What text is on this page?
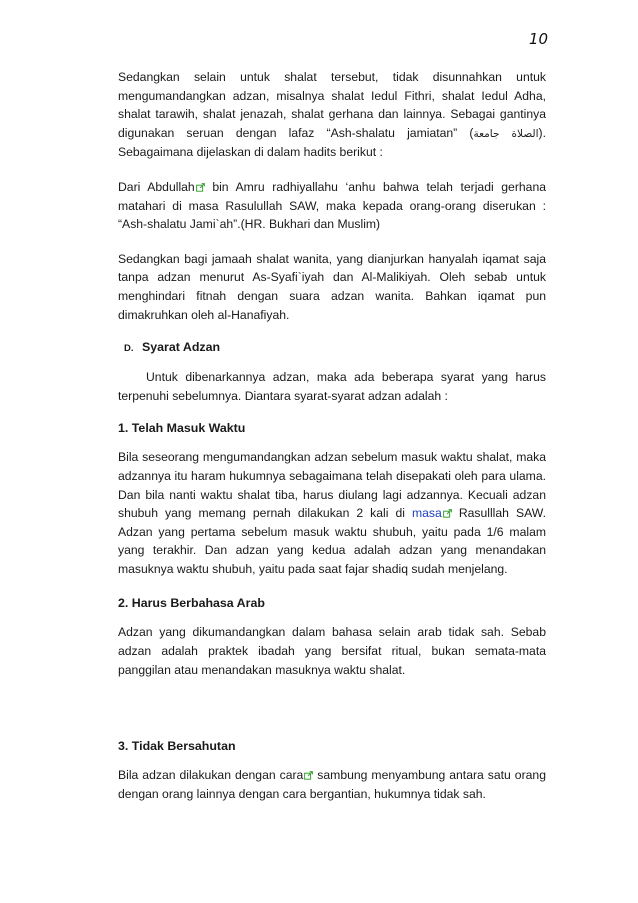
10

Sedangkan selain untuk shalat tersebut, tidak disunnahkan untuk mengumandangkan adzan, misalnya shalat Iedul Fithri, shalat Iedul Adha, shalat tarawih, shalat jenazah, shalat gerhana dan lainnya. Sebagai gantinya digunakan seruan dengan lafaz “Ash-shalatu jamiatan” (الصلاة جامعة). Sebagaimana dijelaskan di dalam hadits berikut :

Dari Abdullah bin Amru radhiyallahu ‘anhu bahwa telah terjadi gerhana matahari di masa Rasulullah SAW, maka kepada orang-orang diserukan : “Ash-shalatu Jami`ah”.(HR. Bukhari dan Muslim)

Sedangkan bagi jamaah shalat wanita, yang dianjurkan hanyalah iqamat saja tanpa adzan menurut As-Syafi`iyah dan Al-Malikiyah. Oleh sebab untuk menghindari fitnah dengan suara adzan wanita. Bahkan iqamat pun dimakruhkan oleh al-Hanafiyah.

D. Syarat Adzan

Untuk dibenarkannya adzan, maka ada beberapa syarat yang harus terpenuhi sebelumnya. Diantara syarat-syarat adzan adalah :

1. Telah Masuk Waktu

Bila seseorang mengumandangkan adzan sebelum masuk waktu shalat, maka adzannya itu haram hukumnya sebagaimana telah disepakati oleh para ulama. Dan bila nanti waktu shalat tiba, harus diulang lagi adzannya. Kecuali adzan shubuh yang memang pernah dilakukan 2 kali di masa Rasulllah SAW. Adzan yang pertama sebelum masuk waktu shubuh, yaitu pada 1/6 malam yang terakhir. Dan adzan yang kedua adalah adzan yang menandakan masuknya waktu shubuh, yaitu pada saat fajar shadiq sudah menjelang.

2. Harus Berbahasa Arab

Adzan yang dikumandangkan dalam bahasa selain arab tidak sah. Sebab adzan adalah praktek ibadah yang bersifat ritual, bukan semata-mata panggilan atau menandakan masuknya waktu shalat.

3. Tidak Bersahutan

Bila adzan dilakukan dengan cara sambung menyambung antara satu orang dengan orang lainnya dengan cara bergantian, hukumnya tidak sah.
